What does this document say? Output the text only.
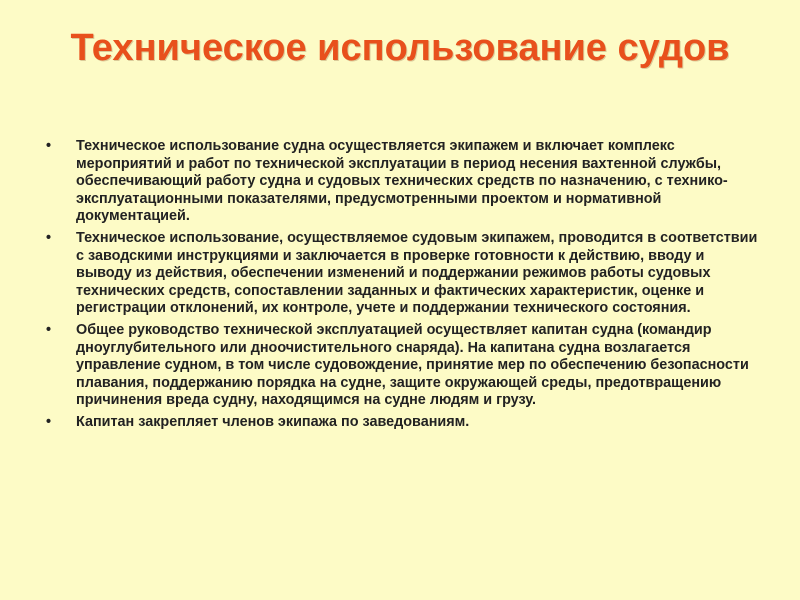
Техническое использование судов
•	Техническое использование судна осуществляется экипажем и включает комплекс мероприятий и работ по технической эксплуатации в период несения вахтенной службы, обеспечивающий работу судна и судовых технических средств по назначению, с технико-эксплуатационными показателями, предусмотренными проектом и нормативной документацией.
•	Техническое использование, осуществляемое судовым экипажем, проводится в соответствии с заводскими инструкциями и заключается в проверке готовности к действию, вводу и выводу из действия, обеспечении изменений и поддержании режимов работы судовых технических средств, сопоставлении заданных и фактических характеристик, оценке и регистрации отклонений, их контроле, учете и поддержании технического состояния.
•	Общее руководство технической эксплуатацией осуществляет капитан судна (командир дноуглубительного или дноочистительного снаряда). На капитана судна возлагается управление судном, в том числе судовождение, принятие мер по обеспечению безопасности плавания, поддержанию порядка на судне, защите окружающей среды, предотвращению причинения вреда судну, находящимся на судне людям и грузу.
•	Капитан закрепляет членов экипажа по заведованиям.
